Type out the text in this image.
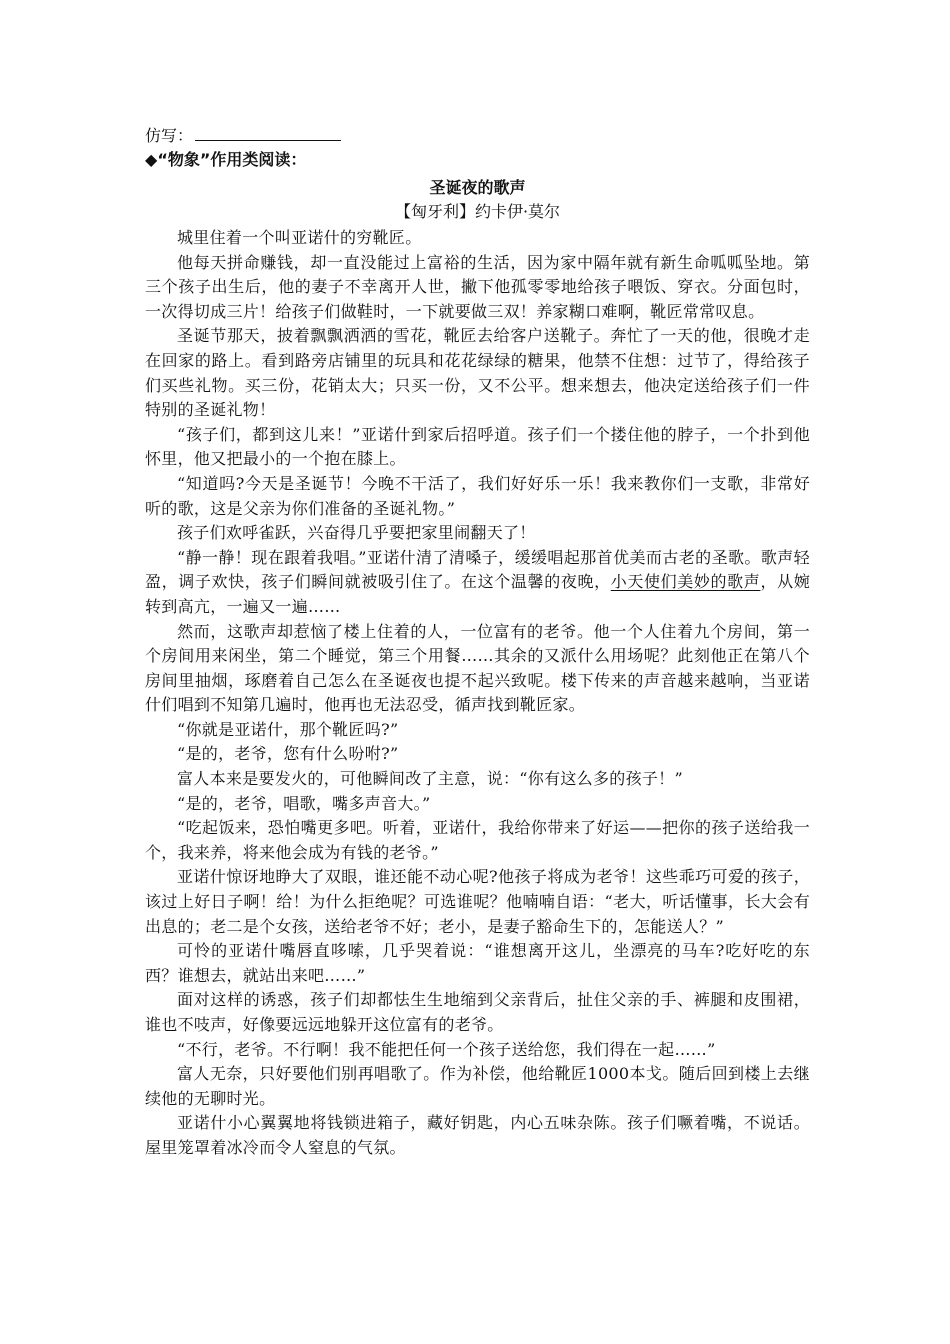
仿写：
◆“物象”作用类阅读：
圣诞夜的歌声
【匈牙利】约卡伊·莫尔

城里住着一个叫亚诺什的穷靴匠。

他每天拼命赚钱，却一直没能过上富裕的生活，因为家中隔年就有新生命呱呱坠地。第三个孩子出生后，他的妻子不幸离开人世，撇下他孤零零地给孩子喂饭、穿衣。分面包时，一次得切成三片！给孩子们做鞋时，一下就要做三双！养家糊口难啊，靴匠常常叹息。

圣诞节那天，披着飘飘洒洒的雪花，靴匠去给客户送靴子。奔忙了一天的他，很晚才走在回家的路上。看到路旁店铺里的玩具和花花绿绿的糖果，他禁不住想：过节了，得给孩子们买些礼物。买三份，花销太大；只买一份，又不公平。想来想去，他决定送给孩子们一件特别的圣诞礼物！

“孩子们，都到这儿来！”亚诺什到家后招呼道。孩子们一个搂住他的脖子，一个扑到他怀里，他又把最小的一个抱在膝上。

“知道吗?今天是圣诞节！今晚不干活了，我们好好乐一乐！我来教你们一支歌，非常好听的歌，这是父亲为你们准备的圣诞礼物。”

孩子们欢呼雀跃，兴奋得几乎要把家里闹翻天了！

“静一静！现在跟着我唱。”亚诺什清了清嗓子，缓缓唱起那首优美而古老的圣歌。歌声轻盈，调子欢快，孩子们瞬间就被吸引住了。在这个温馨的夜晚，小天使们美妙的歌声，从婉转到高亢，一遍又一遍……

然而，这歌声却惹恼了楼上住着的人，一位富有的老爷。他一个人住着九个房间，第一个房间用来闲坐，第二个睡觉，第三个用餐……其余的又派什么用场呢？此刻他正在第八个房间里抽烟，琢磨着自己怎么在圣诞夜也提不起兴致呢。楼下传来的声音越来越响，当亚诺什们唱到不知第几遍时，他再也无法忍受，循声找到靴匠家。

“你就是亚诺什，那个靴匠吗?”

“是的，老爷，您有什么吩咐?”

富人本来是要发火的，可他瞬间改了主意，说：“你有这么多的孩子！”

“是的，老爷，唱歌，嘴多声音大。”

“吃起饭来，恐怕嘴更多吧。听着，亚诺什，我给你带来了好运——把你的孩子送给我一个，我来养，将来他会成为有钱的老爷。”

亚诺什惊讶地睁大了双眼，谁还能不动心呢?他孩子将成为老爷！这些乖巧可爱的孩子，该过上好日子啊！给！为什么拒绝呢？可选谁呢？他喃喃自语：“老大，听话懂事，长大会有出息的；老二是个女孩，送给老爷不好；老小，是妻子豁命生下的，怎能送人？”

可怜的亚诺什嘴唇直哆嗦，几乎哭着说：“谁想离开这儿，坐漂亮的马车?吃好吃的东西？谁想去，就站出来吧……”

面对这样的诱惑，孩子们却都怯生生地缩到父亲背后，扯住父亲的手、裤腿和皮围裙，谁也不吱声，好像要远远地躲开这位富有的老爷。

“不行，老爷。不行啊！我不能把任何一个孩子送给您，我们得在一起……”

富人无奈，只好要他们别再唱歌了。作为补偿，他给靴匠1000本戈。随后回到楼上去继续他的无聊时光。

亚诺什小心翼翼地将钱锁进箱子，藏好钥匙，内心五味杂陈。孩子们噘着嘴，不说话。屋里笼罩着冰冷而令人窒息的气氛。
